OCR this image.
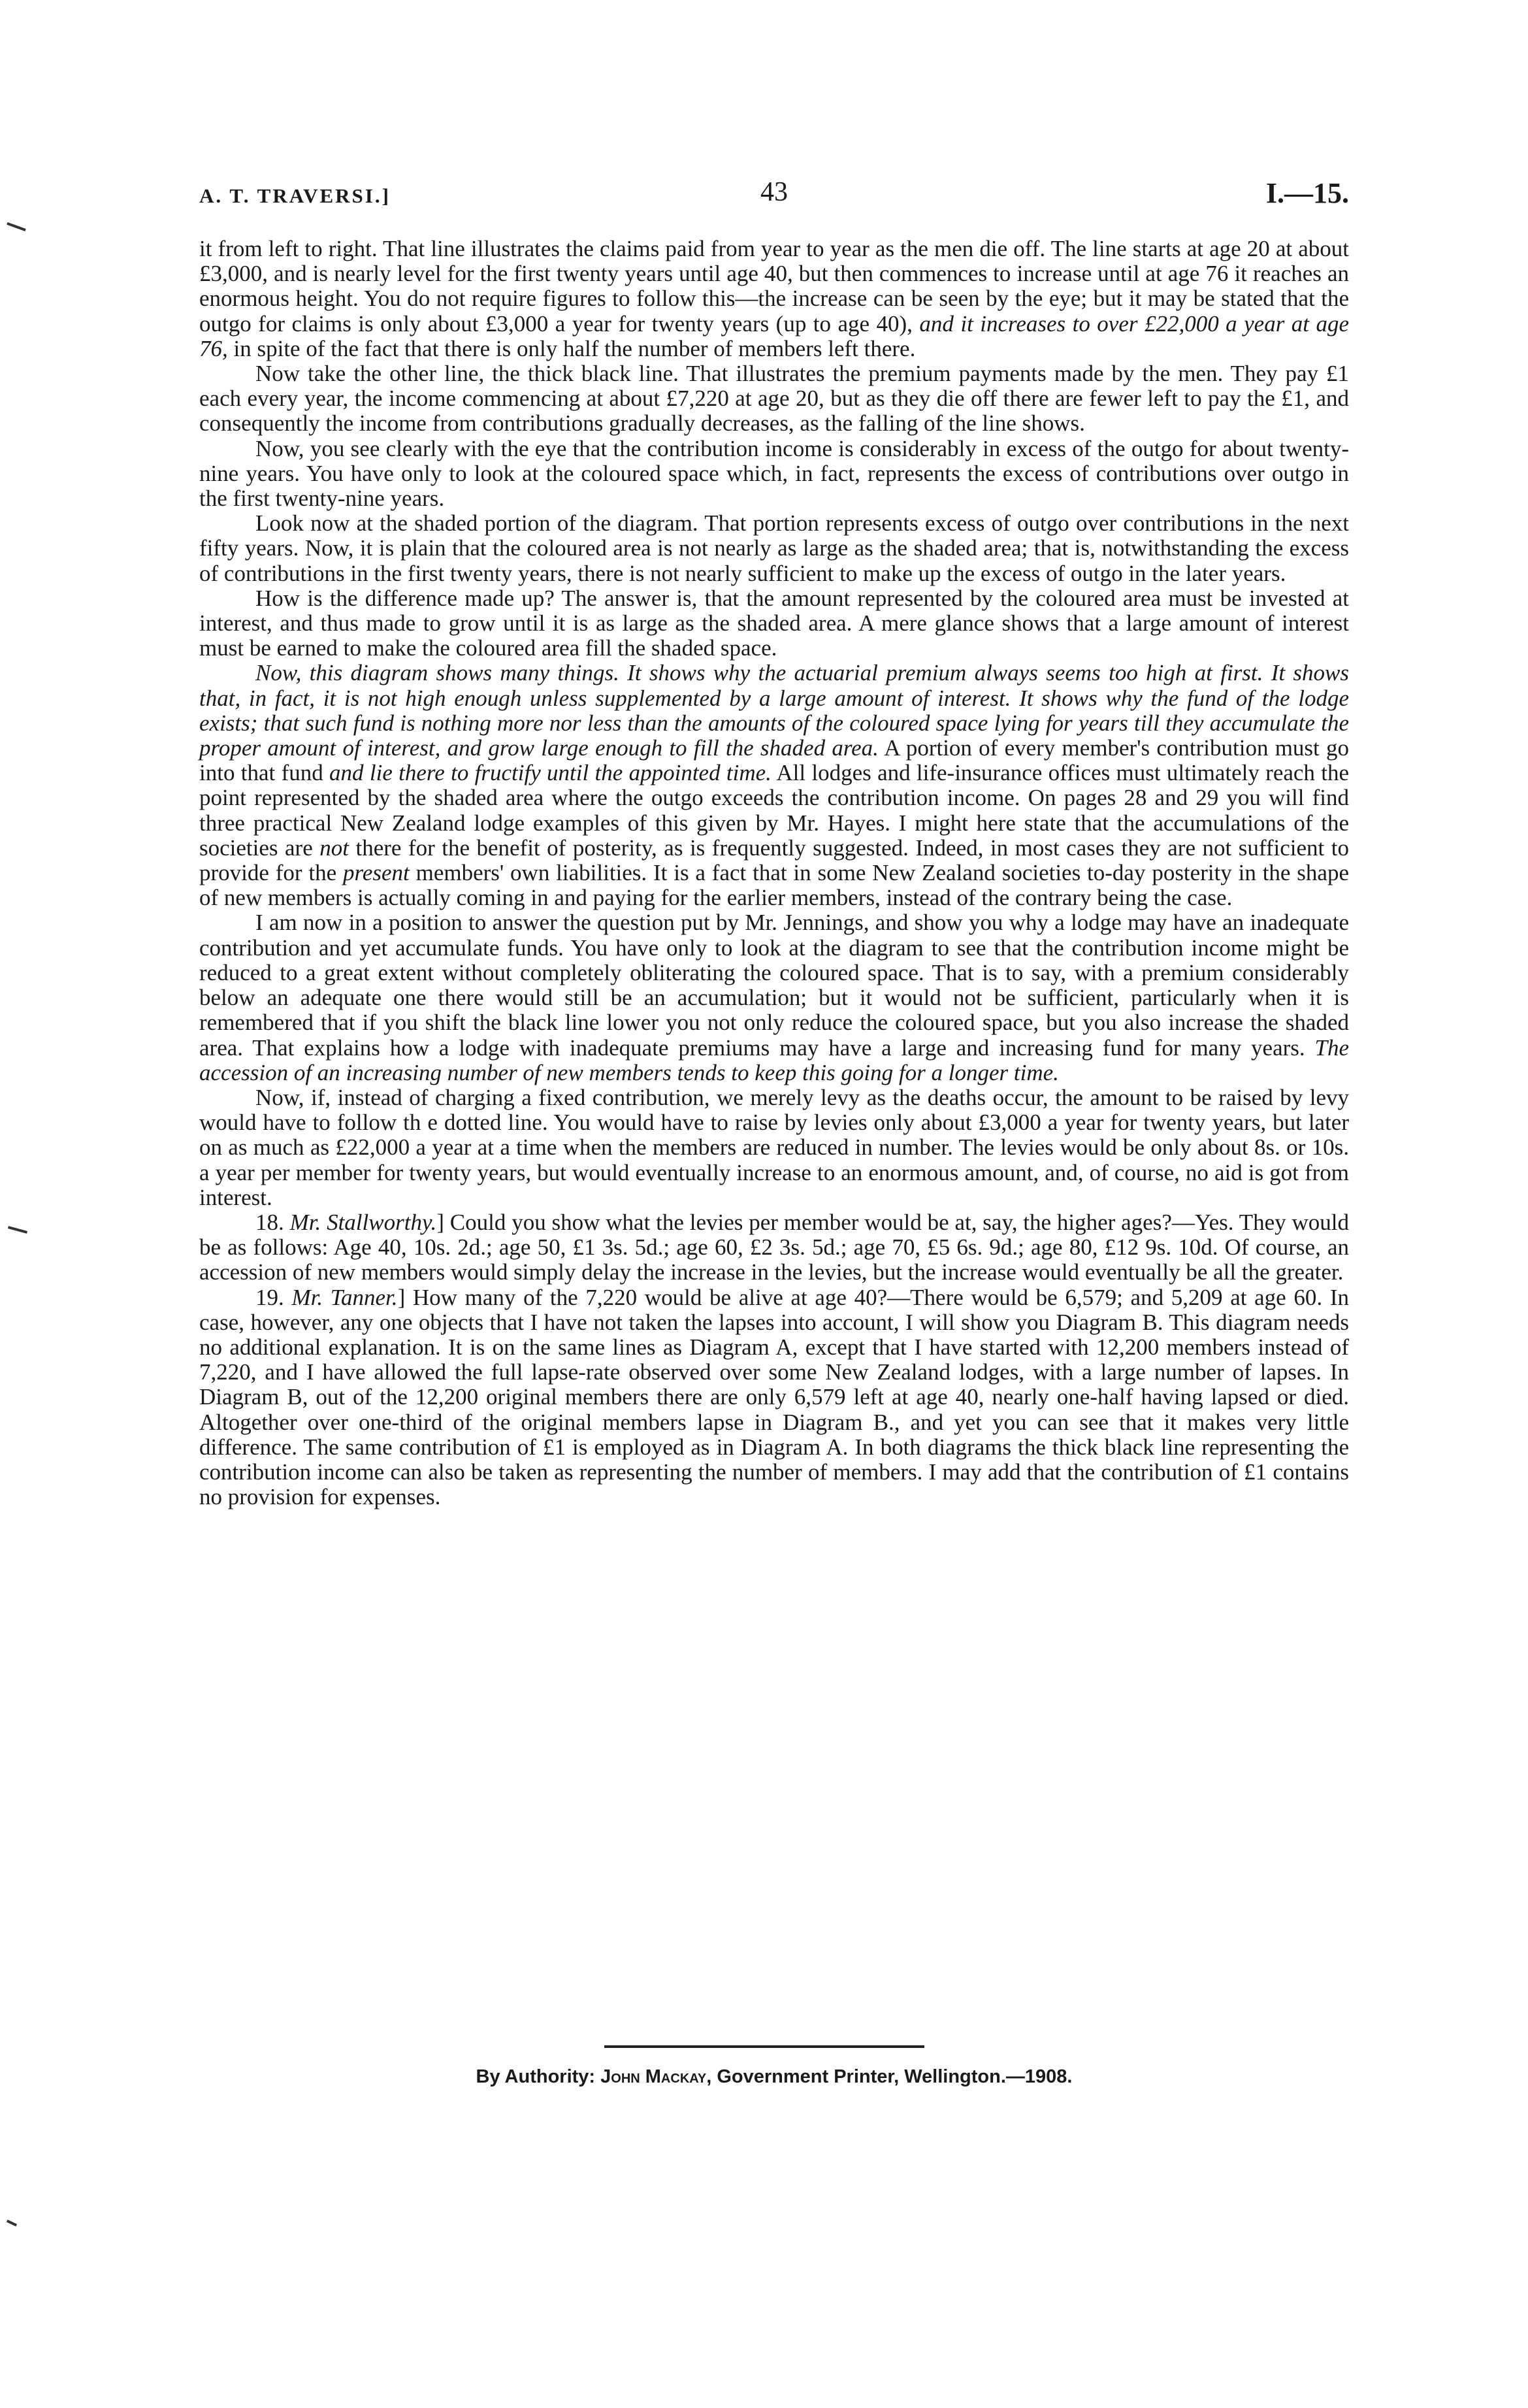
A. T. TRAVERSI.]	43	I.—15.

it from left to right. That line illustrates the claims paid from year to year as the men die off. The line starts at age 20 at about £3,000, and is nearly level for the first twenty years until age 40, but then commences to increase until at age 76 it reaches an enormous height. You do not require figures to follow this—the increase can be seen by the eye; but it may be stated that the outgo for claims is only about £3,000 a year for twenty years (up to age 40), and it increases to over £22,000 a year at age 76, in spite of the fact that there is only half the number of members left there.

Now take the other line, the thick black line. That illustrates the premium payments made by the men. They pay £1 each every year, the income commencing at about £7,220 at age 20, but as they die off there are fewer left to pay the £1, and consequently the income from contributions gradually decreases, as the falling of the line shows.

Now, you see clearly with the eye that the contribution income is considerably in excess of the outgo for about twenty-nine years. You have only to look at the coloured space which, in fact, represents the excess of contributions over outgo in the first twenty-nine years.

Look now at the shaded portion of the diagram. That portion represents excess of outgo over contributions in the next fifty years. Now, it is plain that the coloured area is not nearly as large as the shaded area; that is, notwithstanding the excess of contributions in the first twenty years, there is not nearly sufficient to make up the excess of outgo in the later years.

How is the difference made up? The answer is, that the amount represented by the coloured area must be invested at interest, and thus made to grow until it is as large as the shaded area. A mere glance shows that a large amount of interest must be earned to make the coloured area fill the shaded space.

Now, this diagram shows many things. It shows why the actuarial premium always seems too high at first. It shows that, in fact, it is not high enough unless supplemented by a large amount of interest. It shows why the fund of the lodge exists; that such fund is nothing more nor less than the amounts of the coloured space lying for years till they accumulate the proper amount of interest, and grow large enough to fill the shaded area. A portion of every member's contribution must go into that fund and lie there to fructify until the appointed time. All lodges and life-insurance offices must ultimately reach the point represented by the shaded area where the outgo exceeds the contribution income. On pages 28 and 29 you will find three practical New Zealand lodge examples of this given by Mr. Hayes. I might here state that the accumulations of the societies are not there for the benefit of posterity, as is frequently suggested. Indeed, in most cases they are not sufficient to provide for the present members' own liabilities. It is a fact that in some New Zealand societies to-day posterity in the shape of new members is actually coming in and paying for the earlier members, instead of the contrary being the case.

I am now in a position to answer the question put by Mr. Jennings, and show you why a lodge may have an inadequate contribution and yet accumulate funds. You have only to look at the diagram to see that the contribution income might be reduced to a great extent without completely obliterating the coloured space. That is to say, with a premium considerably below an adequate one there would still be an accumulation; but it would not be sufficient, particularly when it is remembered that if you shift the black line lower you not only reduce the coloured space, but you also increase the shaded area. That explains how a lodge with inadequate premiums may have a large and increasing fund for many years. The accession of an increasing number of new members tends to keep this going for a longer time.

Now, if, instead of charging a fixed contribution, we merely levy as the deaths occur, the amount to be raised by levy would have to follow th e dotted line. You would have to raise by levies only about £3,000 a year for twenty years, but later on as much as £22,000 a year at a time when the members are reduced in number. The levies would be only about 8s. or 10s. a year per member for twenty years, but would eventually increase to an enormous amount, and, of course, no aid is got from interest.

18. Mr. Stallworthy.] Could you show what the levies per member would be at, say, the higher ages?—Yes. They would be as follows: Age 40, 10s. 2d.; age 50, £1 3s. 5d.; age 60, £2 3s. 5d.; age 70, £5 6s. 9d.; age 80, £12 9s. 10d. Of course, an accession of new members would simply delay the increase in the levies, but the increase would eventually be all the greater.

19. Mr. Tanner.] How many of the 7,220 would be alive at age 40?—There would be 6,579; and 5,209 at age 60. In case, however, any one objects that I have not taken the lapses into account, I will show you Diagram B. This diagram needs no additional explanation. It is on the same lines as Diagram A, except that I have started with 12,200 members instead of 7,220, and I have allowed the full lapse-rate observed over some New Zealand lodges, with a large number of lapses. In Diagram B, out of the 12,200 original members there are only 6,579 left at age 40, nearly one-half having lapsed or died. Altogether over one-third of the original members lapse in Diagram B., and yet you can see that it makes very little difference. The same contribution of £1 is employed as in Diagram A. In both diagrams the thick black line representing the contribution income can also be taken as representing the number of members. I may add that the contribution of £1 contains no provision for expenses.

By Authority: John Mackay, Government Printer, Wellington.—1908.
